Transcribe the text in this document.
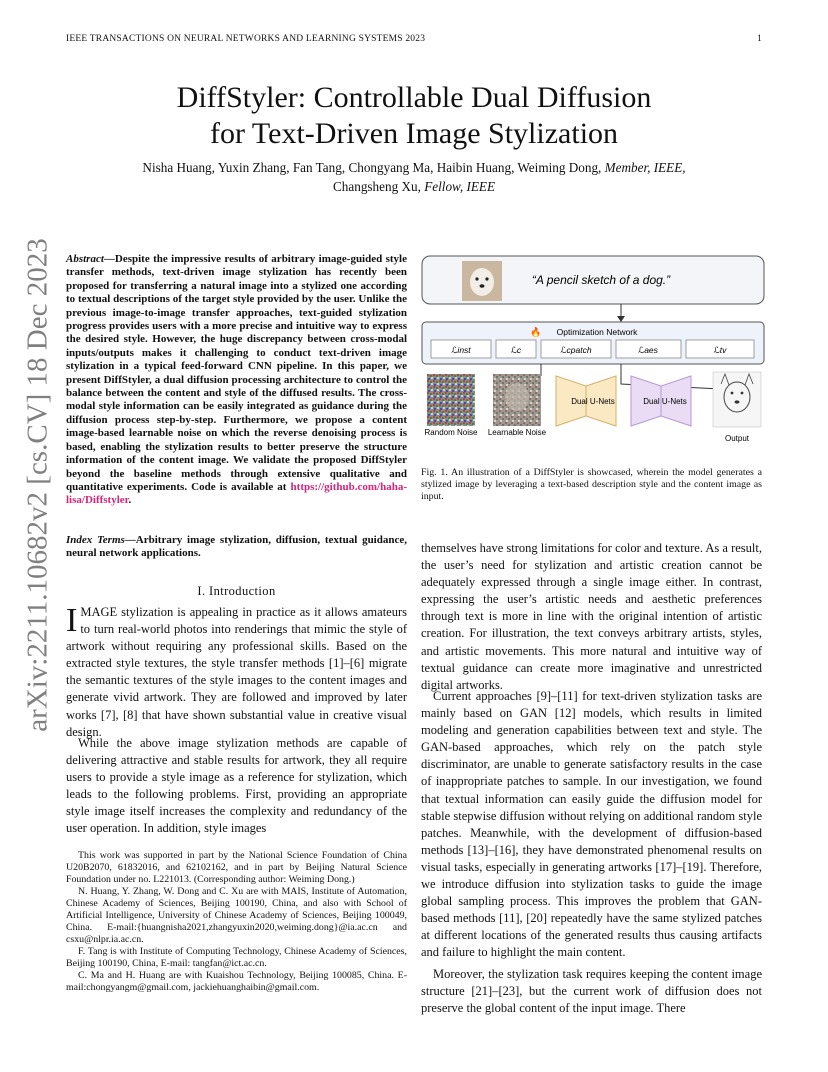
IEEE TRANSACTIONS ON NEURAL NETWORKS AND LEARNING SYSTEMS 2023	1
DiffStyler: Controllable Dual Diffusion
for Text-Driven Image Stylization
Nisha Huang, Yuxin Zhang, Fan Tang, Chongyang Ma, Haibin Huang, Weiming Dong, Member, IEEE,
Changsheng Xu, Fellow, IEEE
arXiv:2211.10682v2 [cs.CV] 18 Dec 2023 Abstract—Despite the impressive results of arbitrary image-guided style transfer methods, text-driven image stylization has recently been proposed for transferring a natural image into a stylized one according to textual descriptions of the target style provided by the user. Unlike the previous image-to-image transfer approaches, text-guided stylization progress provides users with a more precise and intuitive way to express the desired style. However, the huge discrepancy between cross-modal inputs/outputs makes it challenging to conduct text-driven image stylization in a typical feed-forward CNN pipeline. In this paper, we present DiffStyler, a dual diffusion processing architecture to control the balance between the content and style of the diffused results. The cross-modal style information can be easily integrated as guidance during the diffusion process step-by-step. Furthermore, we propose a content image-based learnable noise on which the reverse denoising process is based, enabling the stylization results to better preserve the structure information of the content image. We validate the proposed DiffStyler beyond the baseline methods through extensive qualitative and quantitative experiments. Code is available at https://github.com/haha-lisa/Diffstyler.
Index Terms—Arbitrary image stylization, diffusion, textual guidance, neural network applications.
I. Introduction
IMAGE stylization is appealing in practice as it allows amateurs to turn real-world photos into renderings that mimic the style of artwork without requiring any professional skills. Based on the extracted style textures, the style transfer methods [1]–[6] migrate the semantic textures of the style images to the content images and generate vivid artwork. They are followed and improved by later works [7], [8] that have shown substantial value in creative visual design.
While the above image stylization methods are capable of delivering attractive and stable results for artwork, they all require users to provide a style image as a reference for stylization, which leads to the following problems. First, providing an appropriate style image itself increases the complexity and redundancy of the user operation. In addition, style images

This work was supported in part by the National Science Foundation of China U20B2070, 61832016, and 62102162, and in part by Beijing Natural Science Foundation under no. L221013. (Corresponding author: Weiming Dong.)

N. Huang, Y. Zhang, W. Dong and C. Xu are with MAIS, Institute of Automation, Chinese Academy of Sciences, Beijing 100190, China, and also with School of Artificial Intelligence, University of Chinese Academy of Sciences, Beijing 100049, China. E-mail:{huangnisha2021,zhangyuxin2020,weiming.dong}@ia.ac.cn and csxu@nlpr.ia.ac.cn.

F. Tang is with Institute of Computing Technology, Chinese Academy of Sciences, Beijing 100190, China, E-mail: tangfan@ict.ac.cn.

C. Ma and H. Huang are with Kuaishou Technology, Beijing 100085, China. E-mail:chongyangm@gmail.com, jackiehuanghaibin@gmail.com.

“A pencil sketch of a dog.”
🔥 Optimization Network
ℒinst	ℒc	ℒcpatch	ℒaes	ℒtv
Random Noise Learnable Noise
Dual U-Nets	Dual U-Nets
Output
Fig. 1. An illustration of a DiffStyler is showcased, wherein the model generates a stylized image by leveraging a text-based description style and the content image as input.
themselves have strong limitations for color and texture. As a result, the user’s need for stylization and artistic creation cannot be adequately expressed through a single image either. In contrast, expressing the user’s artistic needs and aesthetic preferences through text is more in line with the original intention of artistic creation. For illustration, the text conveys arbitrary artists, styles, and artistic movements. This more natural and intuitive way of textual guidance can create more imaginative and unrestricted digital artworks.
Current approaches [9]–[11] for text-driven stylization tasks are mainly based on GAN [12] models, which results in limited modeling and generation capabilities between text and style. The GAN-based approaches, which rely on the patch style discriminator, are unable to generate satisfactory results in the case of inappropriate patches to sample. In our investigation, we found that textual information can easily guide the diffusion model for stable stepwise diffusion without relying on additional random style patches. Meanwhile, with the development of diffusion-based methods [13]–[16], they have demonstrated phenomenal results on visual tasks, especially in generating artworks [17]–[19]. Therefore, we introduce diffusion into stylization tasks to guide the image global sampling process. This improves the problem that GAN-based methods [11], [20] repeatedly have the same stylized patches at different locations of the generated results thus causing artifacts and failure to highlight the main content.
Moreover, the stylization task requires keeping the content image structure [21]–[23], but the current work of diffusion does not preserve the global content of the input image. There
